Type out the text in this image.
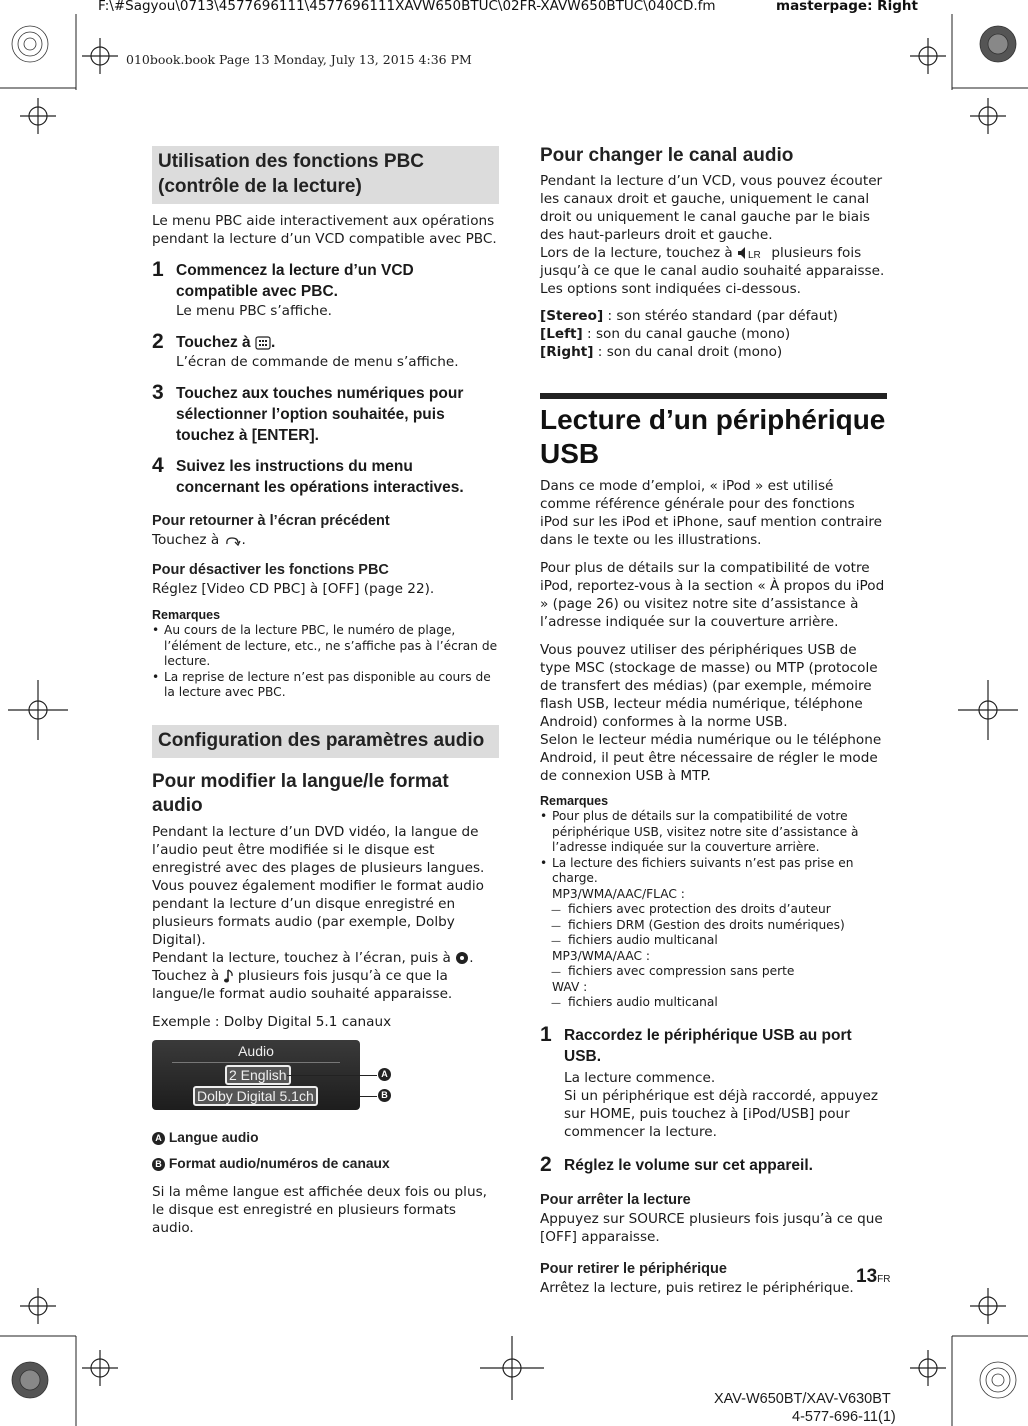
F:\#Sagyou\0713\4577696111\4577696111XAVW650BTUC\02FR-XAVW650BTUC\040CD.fm	masterpage: Right
010book.book Page 13 Monday, July 13, 2015 4:36 PM
Utilisation des fonctions PBC (contrôle de la lecture)

Le menu PBC aide interactivement aux opérations pendant la lecture d’un VCD compatible avec PBC.

1 Commencez la lecture d’un VCD compatible avec PBC.
Le menu PBC s’affiche.
2 Touchez à .
L’écran de commande de menu s’affiche.
3 Touchez aux touches numériques pour sélectionner l’option souhaitée, puis touchez à [ENTER].
4 Suivez les instructions du menu concernant les opérations interactives.
Pour retourner à l’écran précédent
Touchez à .
Pour désactiver les fonctions PBC
Réglez [Video CD PBC] à [OFF] (page 22).
Remarques
• Au cours de la lecture PBC, le numéro de plage, l’élément de lecture, etc., ne s’affiche pas à l’écran de lecture.
• La reprise de lecture n’est pas disponible au cours de la lecture avec PBC.
Configuration des paramètres audio
Pour modifier la langue/le format audio

Pendant la lecture d’un DVD vidéo, la langue de l’audio peut être modifiée si le disque est enregistré avec des plages de plusieurs langues. Vous pouvez également modifier le format audio pendant la lecture d’un disque enregistré en plusieurs formats audio (par exemple, Dolby Digital).

Pendant la lecture, touchez à l’écran, puis à .
Touchez à plusieurs fois jusqu’à ce que la langue/le format audio souhaité apparaisse.

Exemple : Dolby Digital 5.1 canaux

Audio
2 English
Dolby Digital 5.1ch
A
B
A Langue audio
B Format audio/numéros de canaux

Si la même langue est affichée deux fois ou plus, le disque est enregistré en plusieurs formats audio.

Pour changer le canal audio

Pendant la lecture d’un VCD, vous pouvez écouter les canaux droit et gauche, uniquement le canal droit ou uniquement le canal gauche par le biais des haut-parleurs droit et gauche.

Lors de la lecture, touchez à LR plusieurs fois jusqu’à ce que le canal audio souhaité apparaisse.

Les options sont indiquées ci-dessous.

[Stereo] : son stéréo standard (par défaut)
[Left] : son du canal gauche (mono)
[Right] : son du canal droit (mono)
Lecture d’un périphérique USB

Dans ce mode d’emploi, « iPod » est utilisé comme référence générale pour des fonctions iPod sur les iPod et iPhone, sauf mention contraire dans le texte ou les illustrations.

Pour plus de détails sur la compatibilité de votre iPod, reportez-vous à la section « À propos du iPod » (page 26) ou visitez notre site d’assistance à l’adresse indiquée sur la couverture arrière.

Vous pouvez utiliser des périphériques USB de type MSC (stockage de masse) ou MTP (protocole de transfert des médias) (par exemple, mémoire flash USB, lecteur média numérique, téléphone Android) conformes à la norme USB.

Selon le lecteur média numérique ou le téléphone Android, il peut être nécessaire de régler le mode de connexion USB à MTP.

Remarques
• Pour plus de détails sur la compatibilité de votre périphérique USB, visitez notre site d’assistance à l’adresse indiquée sur la couverture arrière.
• La lecture des fichiers suivants n’est pas prise en charge.
MP3/WMA/AAC/FLAC :
— fichiers avec protection des droits d’auteur
— fichiers DRM (Gestion des droits numériques)
— fichiers audio multicanal
MP3/WMA/AAC :
— fichiers avec compression sans perte
WAV :
— fichiers audio multicanal
1 Raccordez le périphérique USB au port USB.
La lecture commence.
Si un périphérique est déjà raccordé, appuyez sur HOME, puis touchez à [iPod/USB] pour commencer la lecture.
2 Réglez le volume sur cet appareil.
Pour arrêter la lecture
Appuyez sur SOURCE plusieurs fois jusqu’à ce que [OFF] apparaisse.
Pour retirer le périphérique
Arrêtez la lecture, puis retirez le périphérique.
13FR
XAV-W650BT/XAV-V630BT
4-577-696-11(1)
